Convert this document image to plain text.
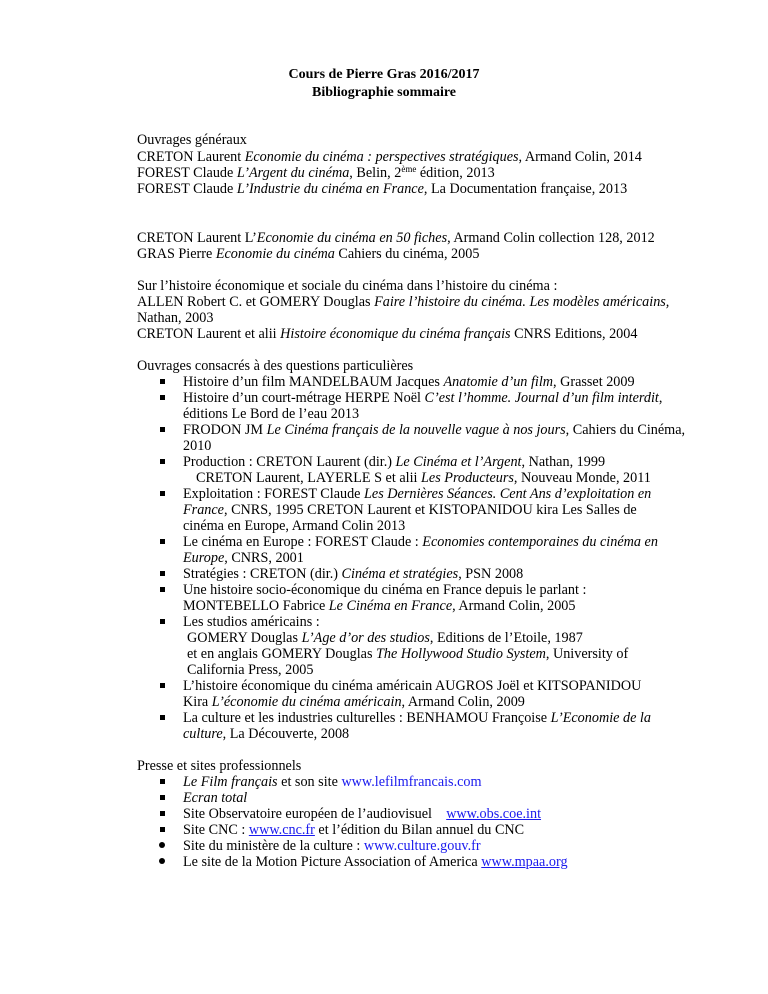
Cours de Pierre Gras 2016/2017
Bibliographie sommaire
Ouvrages généraux
CRETON Laurent Economie du cinéma : perspectives stratégiques, Armand Colin, 2014
FOREST Claude L’Argent du cinéma, Belin, 2ème édition, 2013
FOREST Claude L’Industrie du cinéma en France, La Documentation française, 2013
CRETON Laurent L’Economie du cinéma en 50 fiches, Armand Colin collection 128, 2012
GRAS Pierre Economie du cinéma Cahiers du cinéma, 2005
Sur l’histoire économique et sociale du cinéma dans l’histoire du cinéma :
ALLEN Robert C. et GOMERY Douglas Faire l’histoire du cinéma. Les modèles américains,
Nathan, 2003
CRETON Laurent et alii Histoire économique du cinéma français CNRS Editions, 2004
Ouvrages consacrés à des questions particulières
Histoire d’un film MANDELBAUM Jacques Anatomie d’un film, Grasset 2009
Histoire d’un court-métrage HERPE Noël C’est l’homme. Journal d’un film interdit,
éditions Le Bord de l’eau 2013
FRODON JM Le Cinéma français de la nouvelle vague à nos jours, Cahiers du Cinéma,
2010
Production : CRETON Laurent (dir.) Le Cinéma et l’Argent, Nathan, 1999
CRETON Laurent, LAYERLE S et alii Les Producteurs, Nouveau Monde, 2011
Exploitation : FOREST Claude Les Dernières Séances. Cent Ans d’exploitation en
France, CNRS, 1995 CRETON Laurent et KISTOPANIDOU kira Les Salles de
cinéma en Europe, Armand Colin 2013
Le cinéma en Europe : FOREST Claude : Economies contemporaines du cinéma en
Europe, CNRS, 2001
Stratégies : CRETON (dir.) Cinéma et stratégies, PSN 2008
Une histoire socio-économique du cinéma en France depuis le parlant :
MONTEBELLO Fabrice Le Cinéma en France, Armand Colin, 2005
Les studios américains :
GOMERY Douglas L’Age d’or des studios, Editions de l’Etoile, 1987
et en anglais GOMERY Douglas The Hollywood Studio System, University of
California Press, 2005
L’histoire économique du cinéma américain AUGROS Joël et KITSOPANIDOU
Kira L’économie du cinéma américain, Armand Colin, 2009
La culture et les industries culturelles : BENHAMOU Françoise L’Economie de la
culture, La Découverte, 2008
Presse et sites professionnels
Le Film français et son site www.lefilmfrancais.com
Ecran total
Site Observatoire européen de l’audiovisuel    www.obs.coe.int
Site CNC : www.cnc.fr et l’édition du Bilan annuel du CNC
Site du ministère de la culture : www.culture.gouv.fr
Le site de la Motion Picture Association of America www.mpaa.org
